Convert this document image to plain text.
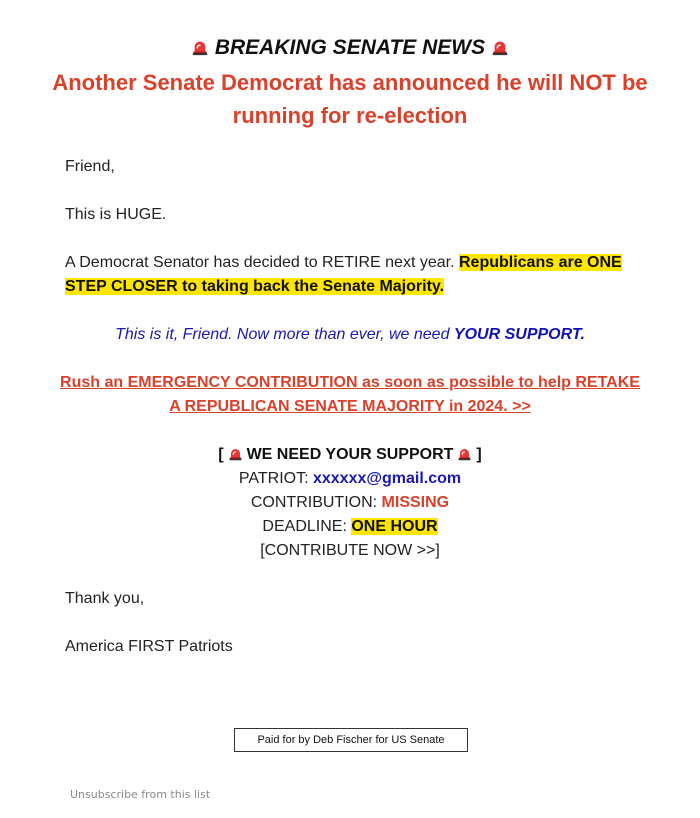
BREAKING SENATE NEWS
Another Senate Democrat has announced he will NOT be running for re-election
Friend,
This is HUGE.
A Democrat Senator has decided to RETIRE next year. Republicans are ONE STEP CLOSER to taking back the Senate Majority.
This is it, Friend. Now more than ever, we need YOUR SUPPORT.
Rush an EMERGENCY CONTRIBUTION as soon as possible to help RETAKE A REPUBLICAN SENATE MAJORITY in 2024. >>
[ WE NEED YOUR SUPPORT ]
PATRIOT: xxxxxx@gmail.com
CONTRIBUTION: MISSING
DEADLINE: ONE HOUR
[CONTRIBUTE NOW >>]
Thank you,
America FIRST Patriots
Paid for by Deb Fischer for US Senate
Unsubscribe from this list
